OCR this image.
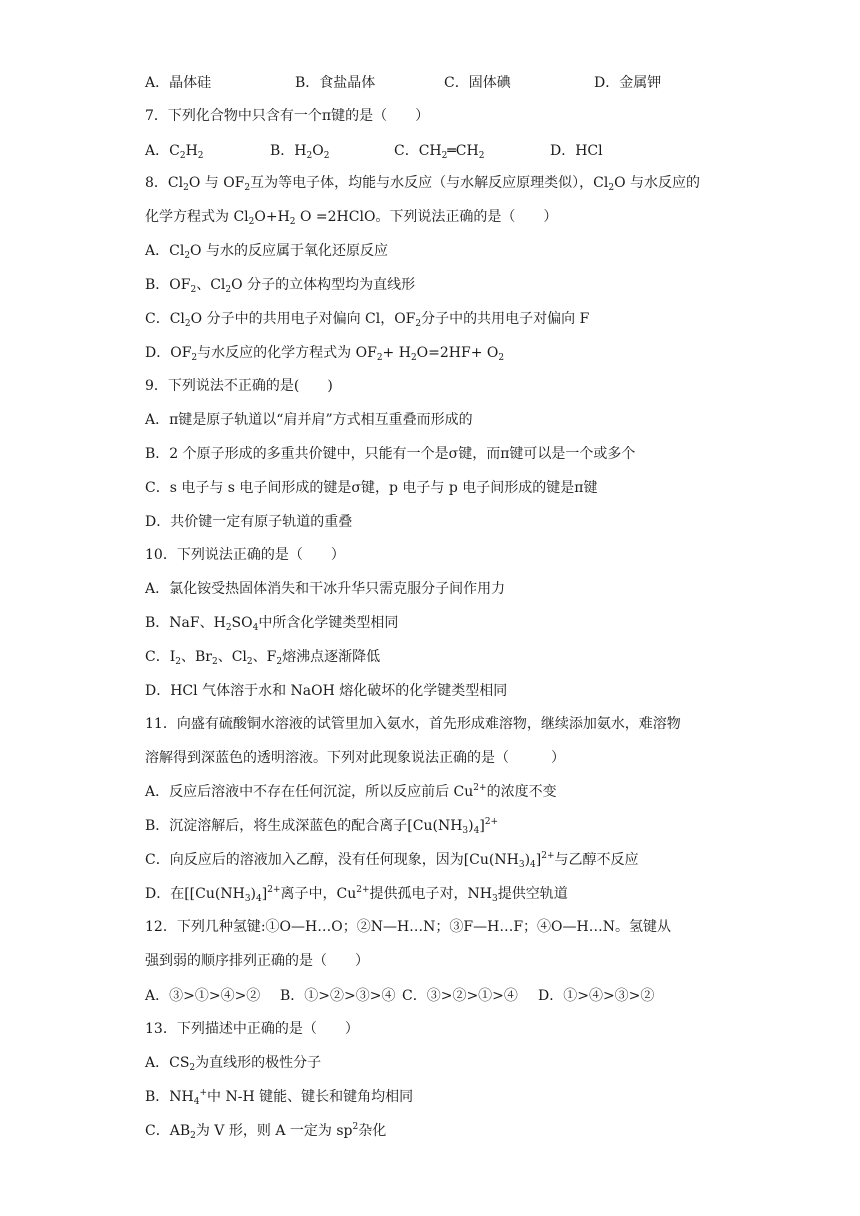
A．晶体硅	B．食盐晶体	C．固体碘	D．金属钾
7．下列化合物中只含有一个π键的是（　　）
A．$C_2H_2$	B．$H_2O_2$	C．$CH_2═CH_2$	D．HCl
8．$Cl_2O$ 与 $OF_2$互为等电子体，均能与水反应（与水解反应原理类似），$Cl_2O$ 与水反应的
化学方程式为 $Cl_2O+H_2$ O =2HClO。下列说法正确的是（　　）
A．$Cl_2O$ 与水的反应属于氧化还原反应
B．$OF_2$、$Cl_2O$ 分子的立体构型均为直线形
C．$Cl_2O$ 分子中的共用电子对偏向 Cl，$OF_2$分子中的共用电子对偏向 F
D．$OF_2$与水反应的化学方程式为 $OF_2+ H_2O=2HF+ O_2$
9．下列说法不正确的是(　　)
A．π键是原子轨道以“肩并肩”方式相互重叠而形成的
B．2 个原子形成的多重共价键中，只能有一个是σ键，而π键可以是一个或多个
C．s 电子与 s 电子间形成的键是σ键，p 电子与 p 电子间形成的键是π键
D．共价键一定有原子轨道的重叠
10．下列说法正确的是（　　）
A．氯化铵受热固体消失和干冰升华只需克服分子间作用力
B．NaF、$H_2SO_4$中所含化学键类型相同
C．$I_2$、$Br_2$、$Cl_2$、$F_2$熔沸点逐渐降低
D．HCl 气体溶于水和 NaOH 熔化破坏的化学键类型相同
11．向盛有硫酸铜水溶液的试管里加入氨水，首先形成难溶物，继续添加氨水，难溶物
溶解得到深蓝色的透明溶液。下列对此现象说法正确的是（　　　）
A．反应后溶液中不存在任何沉淀，所以反应前后 $Cu^{2+}$的浓度不变
B．沉淀溶解后，将生成深蓝色的配合离子$[Cu(NH_3)_4]^{2+}$
C．向反应后的溶液加入乙醇，没有任何现象，因为$[Cu(NH_3)_4]^{2+}$与乙醇不反应
D．在[$[Cu(NH_3)_4]^{2+}$离子中，$Cu^{2+}$提供孤电子对，$NH_3$提供空轨道
12．下列几种氢键:①O—H…O；②N—H…N；③F—H…F；④O—H…N。氢键从
强到弱的顺序排列正确的是（　　）
A．③>①>④>② B．①>②>③>④ C．③>②>①>④ D．①>④>③>②
13．下列描述中正确的是（　　）
A．$CS_2$为直线形的极性分子
B．$NH_4^+$中 N-H 键能、键长和键角均相同
C．$AB_2$为 V 形，则 A 一定为 $sp^2$杂化
